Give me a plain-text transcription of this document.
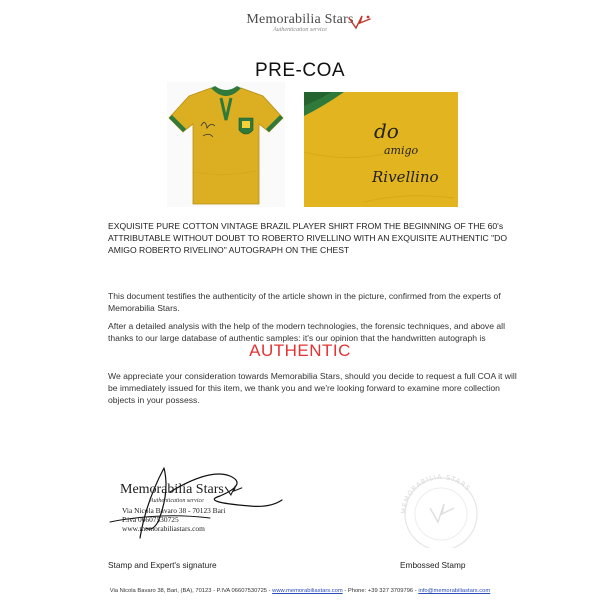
Memorabilia Stars
Authentication service
PRE-COA
do
amigo
Rivellino
EXQUISITE PURE COTTON VINTAGE BRAZIL PLAYER SHIRT FROM THE BEGINNING OF THE 60's ATTRIBUTABLE WITHOUT DOUBT TO ROBERTO RIVELLINO WITH AN EXQUISITE AUTHENTIC "DO AMIGO ROBERTO RIVELINO" AUTOGRAPH ON THE CHEST
This document testifies the authenticity of the article shown in the picture, confirmed from the experts of Memorabilia Stars.
After a detailed analysis with the help of the modern technologies, the forensic techniques, and above all thanks to our large database of authentic samples: it's our opinion that the handwritten autograph is
AUTHENTIC
We appreciate your consideration towards Memorabilia Stars, should you decide to request a full COA it will be immediately issued for this item, we thank you and we're looking forward to examine more collection objects in your possess.
Memorabilia Stars
Authentication service
Via Nicola Bavaro 38 - 70123 Bari
P.iva 06607530725
www.memorabiliastars.com
MEMORABILIA STARS
Stamp and Expert's signature	Embossed Stamp
Via Nicola Bavaro 38, Bari, (BA), 70123 - P.IVA 06607530725 - www.memorabiliastars.com - Phone: +39 327 3709796 - info@memorabiliastars.com
